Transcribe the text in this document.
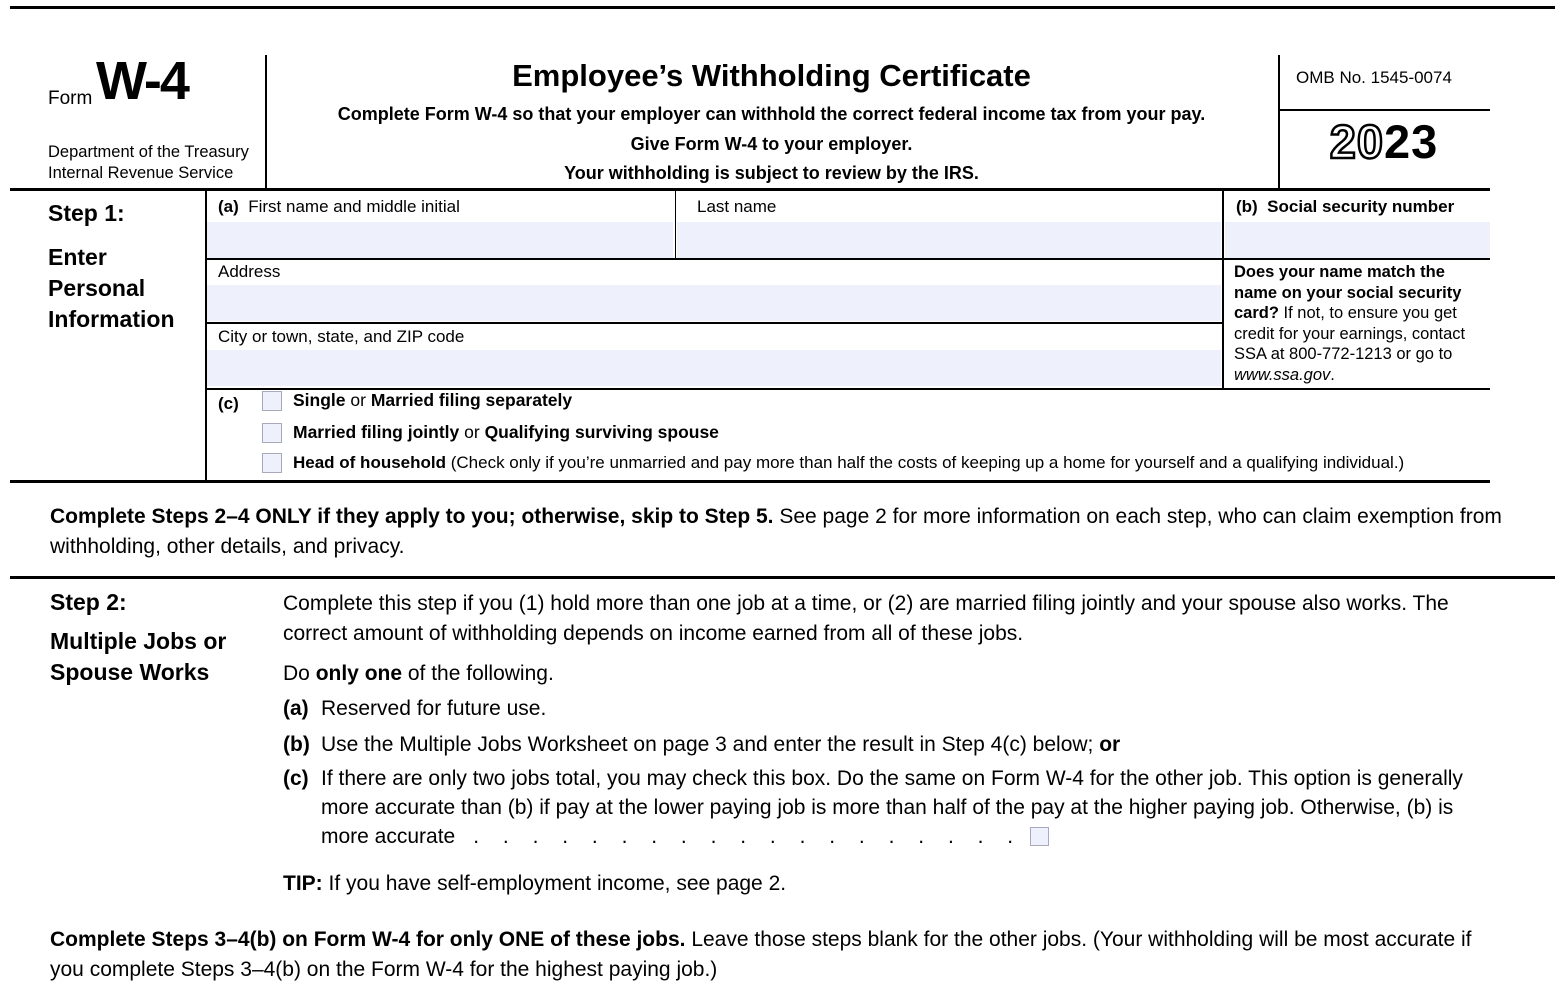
Form W-4
Department of the Treasury
Internal Revenue Service
Employee’s Withholding Certificate
Complete Form W-4 so that your employer can withhold the correct federal income tax from your pay.
Give Form W-4 to your employer.
Your withholding is subject to review by the IRS.
OMB No. 1545-0074
2023
Step 1:
Enter Personal Information
(a) First name and middle initial	Last name	(b) Social security number
Address
City or town, state, and ZIP code
Does your name match the name on your social security card? If not, to ensure you get credit for your earnings, contact SSA at 800-772-1213 or go to www.ssa.gov.
(c)	Single or Married filing separately
Married filing jointly or Qualifying surviving spouse
Head of household (Check only if you’re unmarried and pay more than half the costs of keeping up a home for yourself and a qualifying individual.)
Complete Steps 2–4 ONLY if they apply to you; otherwise, skip to Step 5. See page 2 for more information on each step, who can claim exemption from withholding, other details, and privacy.
Step 2:
Multiple Jobs or Spouse Works
Complete this step if you (1) hold more than one job at a time, or (2) are married filing jointly and your spouse also works. The correct amount of withholding depends on income earned from all of these jobs.
Do only one of the following.
(a) Reserved for future use.
(b) Use the Multiple Jobs Worksheet on page 3 and enter the result in Step 4(c) below; or
(c) If there are only two jobs total, you may check this box. Do the same on Form W-4 for the other job. This option is generally more accurate than (b) if pay at the lower paying job is more than half of the pay at the higher paying job. Otherwise, (b) is more accurate . . . . . . . . . . . . . . . . . . .
TIP: If you have self-employment income, see page 2.
Complete Steps 3–4(b) on Form W-4 for only ONE of these jobs. Leave those steps blank for the other jobs. (Your withholding will be most accurate if you complete Steps 3–4(b) on the Form W-4 for the highest paying job.)
